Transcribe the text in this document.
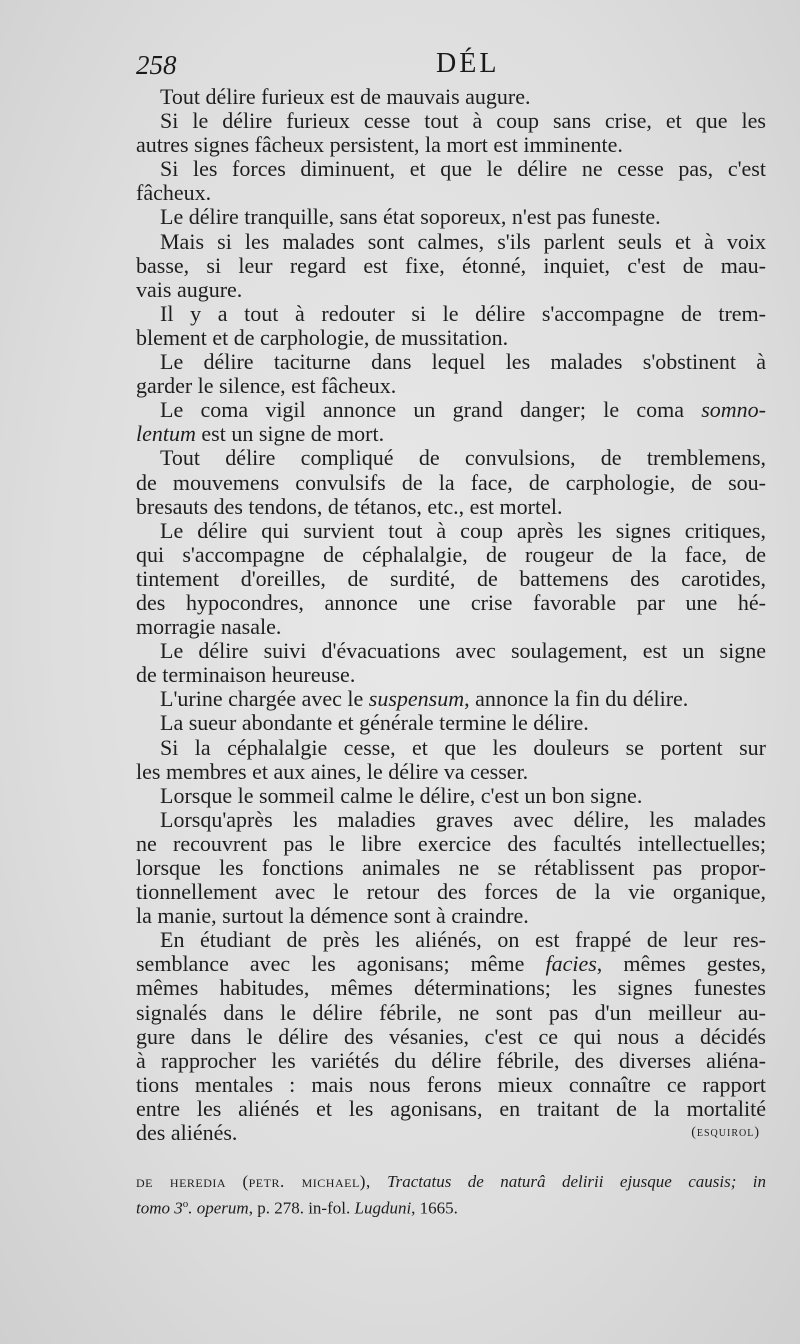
258	DÉL
Tout délire furieux est de mauvais augure.
Si le délire furieux cesse tout à coup sans crise, et que les
autres signes fâcheux persistent, la mort est imminente.
Si les forces diminuent, et que le délire ne cesse pas, c'est
fâcheux.
Le délire tranquille, sans état soporeux, n'est pas funeste.
Mais si les malades sont calmes, s'ils parlent seuls et à voix
basse, si leur regard est fixe, étonné, inquiet, c'est de mau-
vais augure.
Il y a tout à redouter si le délire s'accompagne de trem-
blement et de carphologie, de mussitation.
Le délire taciturne dans lequel les malades s'obstinent à
garder le silence, est fâcheux.
Le coma vigil annonce un grand danger; le coma somno-
lentum est un signe de mort.
Tout délire compliqué de convulsions, de tremblemens,
de mouvemens convulsifs de la face, de carphologie, de sou-
bresauts des tendons, de tétanos, etc., est mortel.
Le délire qui survient tout à coup après les signes critiques,
qui s'accompagne de céphalalgie, de rougeur de la face, de
tintement d'oreilles, de surdité, de battemens des carotides,
des hypocondres, annonce une crise favorable par une hé-
morragie nasale.
Le délire suivi d'évacuations avec soulagement, est un signe
de terminaison heureuse.
L'urine chargée avec le suspensum, annonce la fin du délire.
La sueur abondante et générale termine le délire.
Si la céphalalgie cesse, et que les douleurs se portent sur
les membres et aux aines, le délire va cesser.
Lorsque le sommeil calme le délire, c'est un bon signe.
Lorsqu'après les maladies graves avec délire, les malades
ne recouvrent pas le libre exercice des facultés intellectuelles;
lorsque les fonctions animales ne se rétablissent pas propor-
tionnellement avec le retour des forces de la vie organique,
la manie, surtout la démence sont à craindre.
En étudiant de près les aliénés, on est frappé de leur res-
semblance avec les agonisans; même facies, mêmes gestes,
mêmes habitudes, mêmes déterminations; les signes funestes
signalés dans le délire fébrile, ne sont pas d'un meilleur au-
gure dans le délire des vésanies, c'est ce qui nous a décidés
à rapprocher les variétés du délire fébrile, des diverses aliéna-
tions mentales : mais nous ferons mieux connaître ce rapport
entre les aliénés et les agonisans, en traitant de la mortalité
des aliénés.	(esquirol)
de heredia (petr. michael), Tractatus de naturâ delirii ejusque causis; in
tomo 3$^o$. operum, p. 278. in-fol. Lugduni, 1665.
